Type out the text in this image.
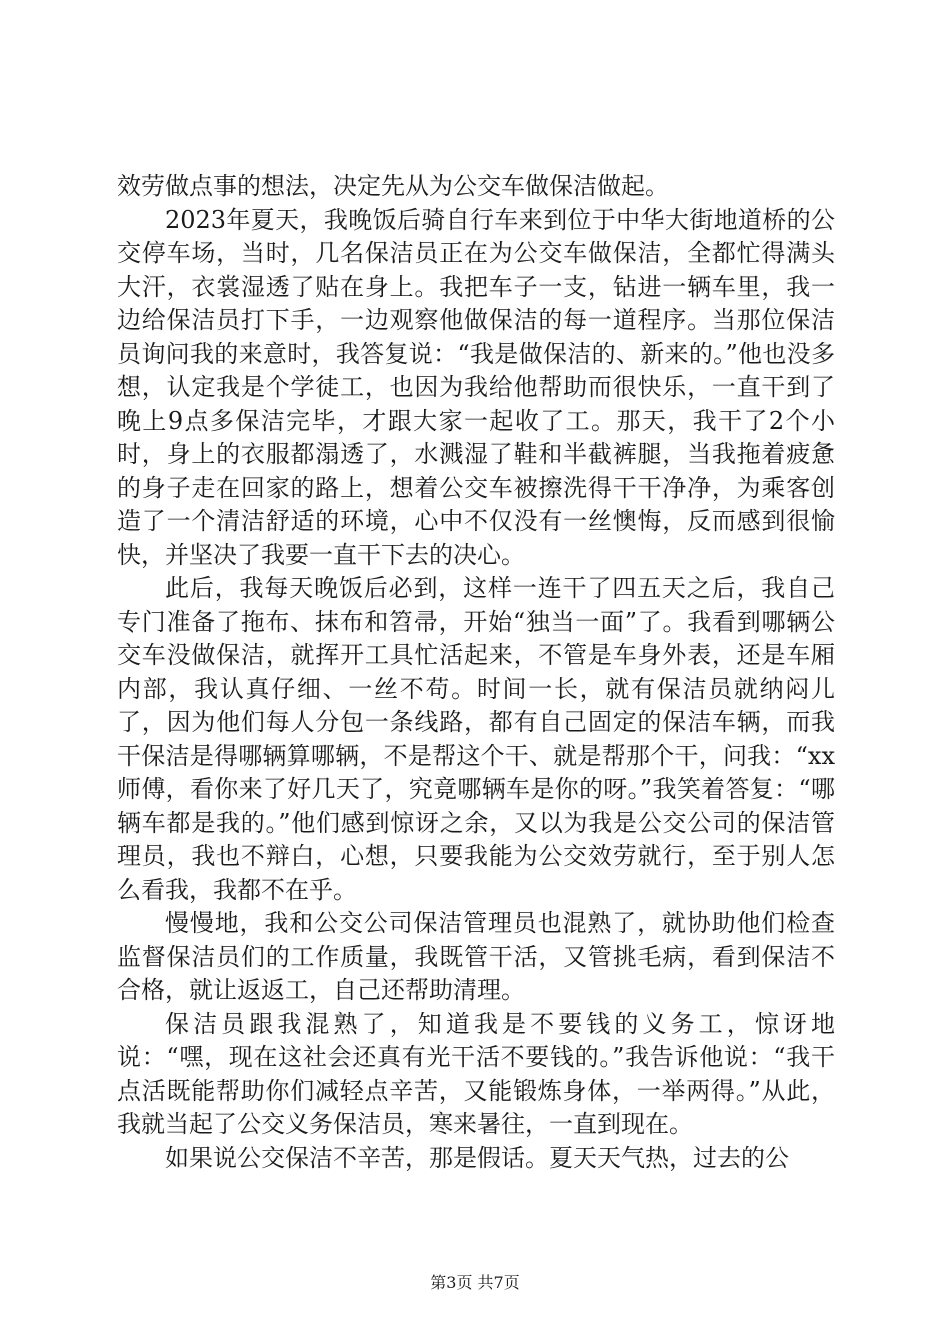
效劳做点事的想法，决定先从为公交车做保洁做起。

2023年夏天，我晚饭后骑自行车来到位于中华大街地道桥的公交停车场，当时，几名保洁员正在为公交车做保洁，全都忙得满头大汗，衣裳湿透了贴在身上。我把车子一支，钻进一辆车里，我一边给保洁员打下手，一边观察他做保洁的每一道程序。当那位保洁员询问我的来意时，我答复说：“我是做保洁的、新来的。”他也没多想，认定我是个学徒工，也因为我给他帮助而很快乐，一直干到了晚上9点多保洁完毕，才跟大家一起收了工。那天，我干了2个小时，身上的衣服都溻透了，水溅湿了鞋和半截裤腿，当我拖着疲惫的身子走在回家的路上，想着公交车被擦洗得干干净净，为乘客创造了一个清洁舒适的环境，心中不仅没有一丝懊悔，反而感到很愉快，并坚决了我要一直干下去的决心。

此后，我每天晚饭后必到，这样一连干了四五天之后，我自己专门准备了拖布、抹布和笤帚，开始“独当一面”了。我看到哪辆公交车没做保洁，就挥开工具忙活起来，不管是车身外表，还是车厢内部，我认真仔细、一丝不苟。时间一长，就有保洁员就纳闷儿了，因为他们每人分包一条线路，都有自己固定的保洁车辆，而我干保洁是得哪辆算哪辆，不是帮这个干、就是帮那个干，问我：“xx师傅，看你来了好几天了，究竟哪辆车是你的呀。”我笑着答复：“哪辆车都是我的。”他们感到惊讶之余，又以为我是公交公司的保洁管理员，我也不辩白，心想，只要我能为公交效劳就行，至于别人怎么看我，我都不在乎。

慢慢地，我和公交公司保洁管理员也混熟了，就协助他们检查监督保洁员们的工作质量，我既管干活，又管挑毛病，看到保洁不合格，就让返返工，自己还帮助清理。

保洁员跟我混熟了，知道我是不要钱的义务工，惊讶地说：“嘿，现在这社会还真有光干活不要钱的。”我告诉他说：“我干点活既能帮助你们减轻点辛苦，又能锻炼身体，一举两得。”从此，我就当起了公交义务保洁员，寒来暑往，一直到现在。

如果说公交保洁不辛苦，那是假话。夏天天气热，过去的公

第3页 共7页
